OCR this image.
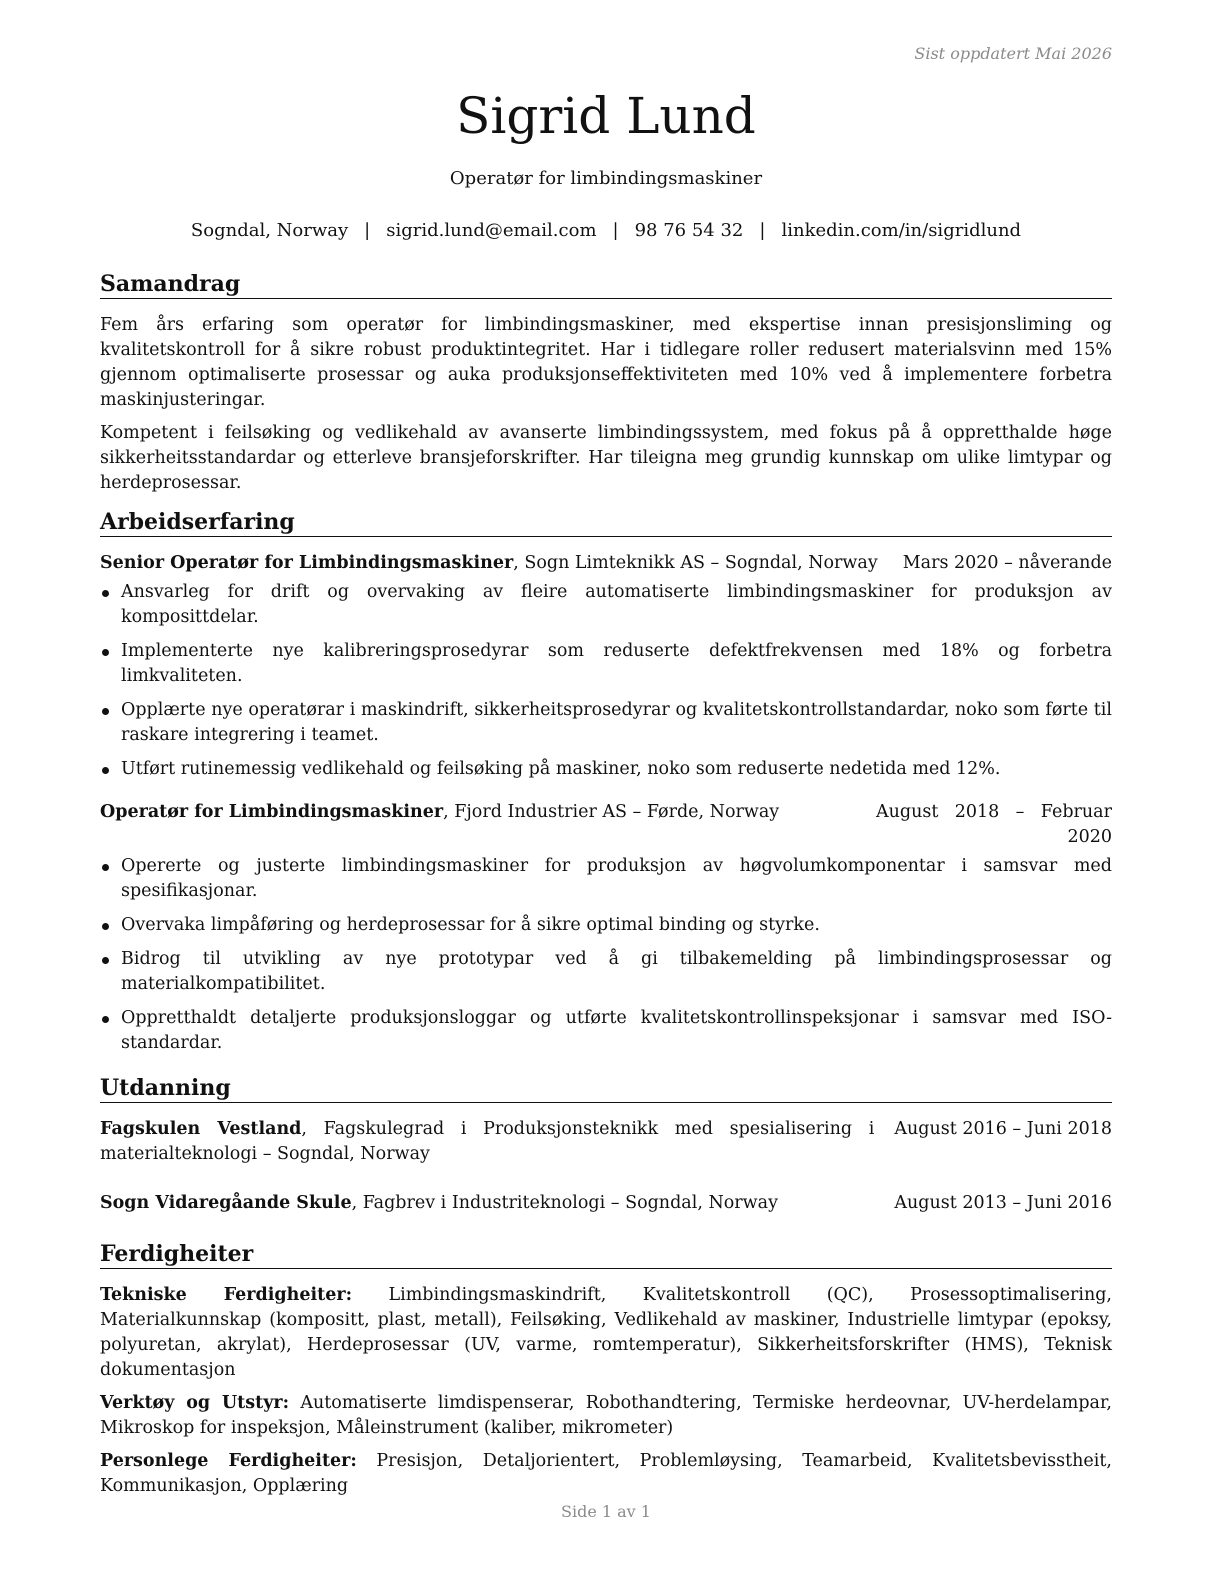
Sist oppdatert Mai 2026
Sigrid Lund
Operatør for limbindingsmaskiner
Sogndal, Norway | sigrid.lund@email.com | 98 76 54 32 | linkedin.com/in/sigridlund
Samandrag

Fem års erfaring som operatør for limbindingsmaskiner, med ekspertise innan presisjonsliming og kvalitetskontroll for å sikre robust produktintegritet. Har i tidlegare roller redusert materialsvinn med 15% gjennom optimaliserte prosessar og auka produksjonseffektiviteten med 10% ved å implementere forbetra maskinjusteringar.

Kompetent i feilsøking og vedlikehald av avanserte limbindingssystem, med fokus på å oppretthalde høge sikkerheitsstandardar og etterleve bransjeforskrifter. Har tileigna meg grundig kunnskap om ulike limtypar og herdeprosessar.

Arbeidserfaring
Senior Operatør for Limbindingsmaskiner, Sogn Limteknikk AS – Sogndal, Norway Mars 2020 – nåverande
Ansvarleg for drift og overvaking av fleire automatiserte limbindingsmaskiner for produksjon av komposittdelar.
Implementerte nye kalibreringsprosedyrar som reduserte defektfrekvensen med 18% og forbetra limkvaliteten.
Opplærte nye operatørar i maskindrift, sikkerheitsprosedyrar og kvalitetskontrollstandardar, noko som førte til raskare integrering i teamet.
Utført rutinemessig vedlikehald og feilsøking på maskiner, noko som reduserte nedetida med 12%.
Operatør for Limbindingsmaskiner, Fjord Industrier AS – Førde, Norway	August 2018 – Februar 2020
Opererte og justerte limbindingsmaskiner for produksjon av høgvolumkomponentar i samsvar med spesifikasjonar.
Overvaka limpåføring og herdeprosessar for å sikre optimal binding og styrke.
Bidrog til utvikling av nye prototypar ved å gi tilbakemelding på limbindingsprosessar og materialkompatibilitet.
Oppretthaldt detaljerte produksjonsloggar og utførte kvalitetskontrollinspeksjonar i samsvar med ISO-standardar.
Utdanning
Fagskulen Vestland, Fagskulegrad i Produksjonsteknikk med spesialisering i materialteknologi – Sogndal, Norway
August 2016 – Juni 2018
Sogn Vidaregåande Skule, Fagbrev i Industriteknologi – Sogndal, Norway	August 2013 – Juni 2016
Ferdigheiter

Tekniske Ferdigheiter: Limbindingsmaskindrift, Kvalitetskontroll (QC), Prosessoptimalisering, Materialkunnskap (kompositt, plast, metall), Feilsøking, Vedlikehald av maskiner, Industrielle limtypar (epoksy, polyuretan, akrylat), Herdeprosessar (UV, varme, romtemperatur), Sikkerheitsforskrifter (HMS), Teknisk dokumentasjon

Verktøy og Utstyr: Automatiserte limdispenserar, Robothandtering, Termiske herdeovnar, UV-herdelampar, Mikroskop for inspeksjon, Måleinstrument (kaliber, mikrometer)

Personlege Ferdigheiter: Presisjon, Detaljorientert, Problemløysing, Teamarbeid, Kvalitetsbevisstheit, Kommunikasjon, Opplæring

Side 1 av 1
